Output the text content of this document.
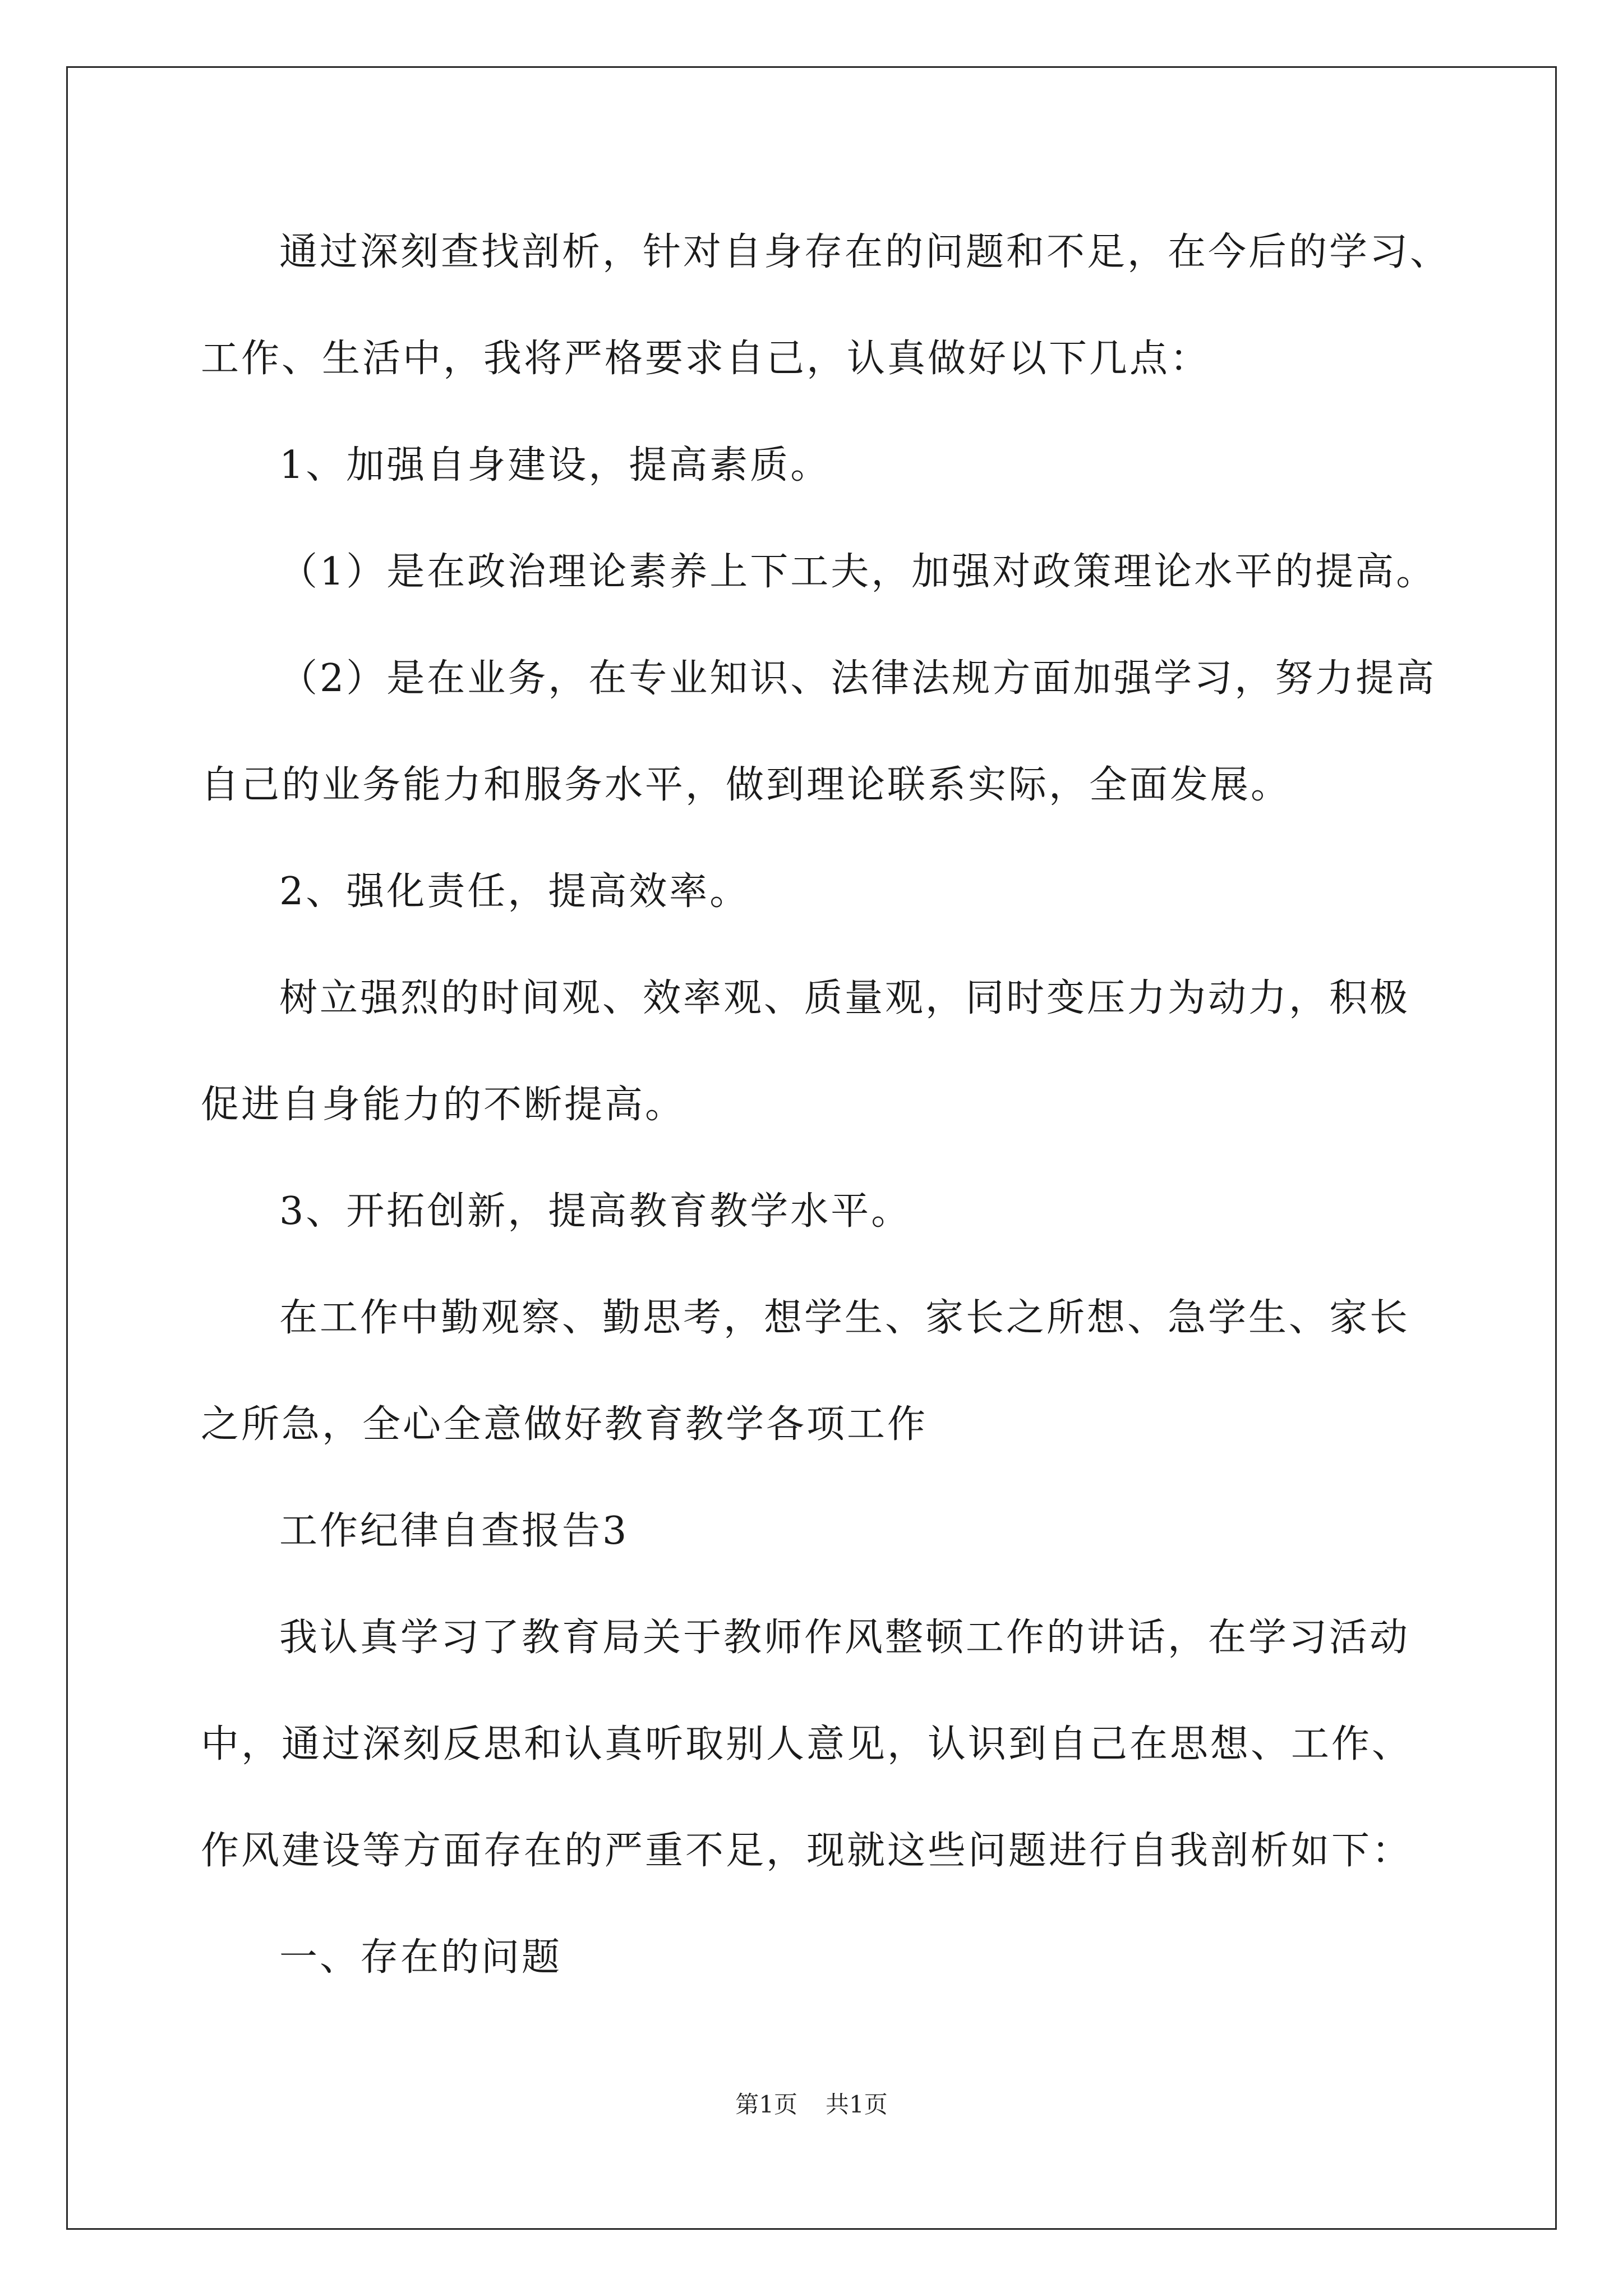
通过深刻查找剖析，针对自身存在的问题和不足，在今后的学习、

工作、生活中，我将严格要求自己，认真做好以下几点：

1、加强自身建设，提高素质。

（1）是在政治理论素养上下工夫，加强对政策理论水平的提高。

（2）是在业务，在专业知识、法律法规方面加强学习，努力提高

自己的业务能力和服务水平，做到理论联系实际，全面发展。

2、强化责任，提高效率。

树立强烈的时间观、效率观、质量观，同时变压力为动力，积极

促进自身能力的不断提高。

3、开拓创新，提高教育教学水平。

在工作中勤观察、勤思考，想学生、家长之所想、急学生、家长

之所急，全心全意做好教育教学各项工作

工作纪律自查报告3

我认真学习了教育局关于教师作风整顿工作的讲话，在学习活动

中，通过深刻反思和认真听取别人意见，认识到自己在思想、工作、

作风建设等方面存在的严重不足，现就这些问题进行自我剖析如下：

一、存在的问题

第1页 共1页
